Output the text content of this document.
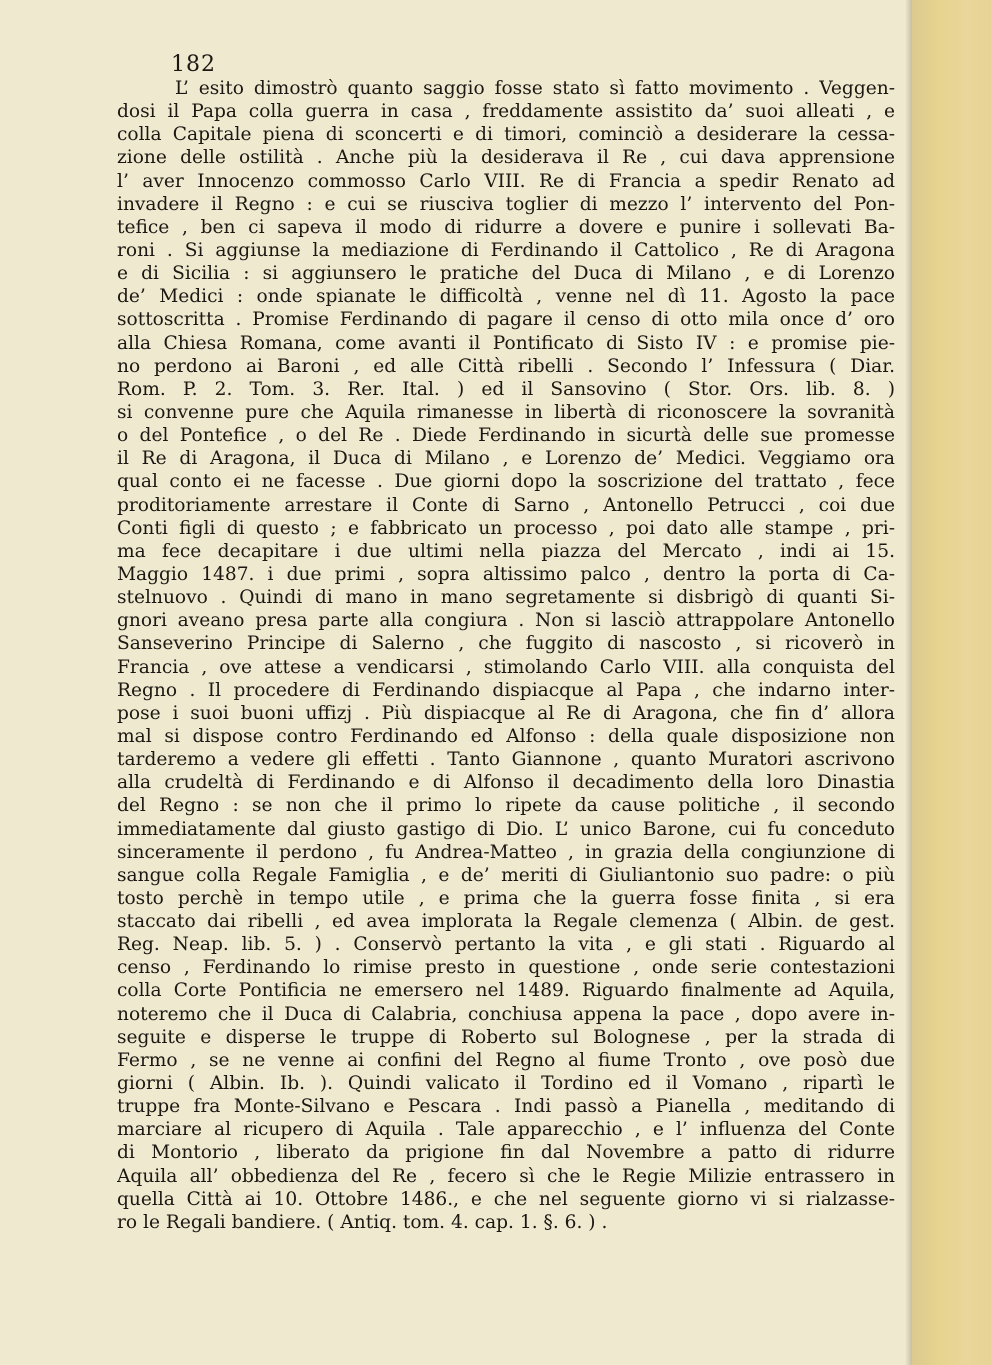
182
L’ esito dimostrò quanto saggio fosse stato sì fatto movimento . Veggen-
dosi il Papa colla guerra in casa , freddamente assistito da’ suoi alleati , e
colla Capitale piena di sconcerti e di timori, cominciò a desiderare la cessa-
zione delle ostilità . Anche più la desiderava il Re , cui dava apprensione
l’ aver Innocenzo commosso Carlo VIII. Re di Francia a spedir Renato ad
invadere il Regno : e cui se riusciva toglier di mezzo l’ intervento del Pon-
tefice , ben ci sapeva il modo di ridurre a dovere e punire i sollevati Ba-
roni . Si aggiunse la mediazione di Ferdinando il Cattolico , Re di Aragona
e di Sicilia : si aggiunsero le pratiche del Duca di Milano , e di Lorenzo
de’ Medici : onde spianate le difficoltà , venne nel dì 11. Agosto la pace
sottoscritta . Promise Ferdinando di pagare il censo di otto mila once d’ oro
alla Chiesa Romana, come avanti il Pontificato di Sisto IV : e promise pie-
no perdono ai Baroni , ed alle Città ribelli . Secondo l’ Infessura ( Diar.
Rom. P. 2. Tom. 3. Rer. Ital. ) ed il Sansovino ( Stor. Ors. lib. 8. )
si convenne pure che Aquila rimanesse in libertà di riconoscere la sovranità
o del Pontefice , o del Re . Diede Ferdinando in sicurtà delle sue promesse
il Re di Aragona, il Duca di Milano , e Lorenzo de’ Medici. Veggiamo ora
qual conto ei ne facesse . Due giorni dopo la soscrizione del trattato , fece
proditoriamente arrestare il Conte di Sarno , Antonello Petrucci , coi due
Conti figli di questo ; e fabbricato un processo , poi dato alle stampe , pri-
ma fece decapitare i due ultimi nella piazza del Mercato , indi ai 15.
Maggio 1487. i due primi , sopra altissimo palco , dentro la porta di Ca-
stelnuovo . Quindi di mano in mano segretamente si disbrigò di quanti Si-
gnori aveano presa parte alla congiura . Non si lasciò attrappolare Antonello
Sanseverino Principe di Salerno , che fuggito di nascosto , si ricoverò in
Francia , ove attese a vendicarsi , stimolando Carlo VIII. alla conquista del
Regno . Il procedere di Ferdinando dispiacque al Papa , che indarno inter-
pose i suoi buoni uffizj . Più dispiacque al Re di Aragona, che fin d’ allora
mal si dispose contro Ferdinando ed Alfonso : della quale disposizione non
tarderemo a vedere gli effetti . Tanto Giannone , quanto Muratori ascrivono
alla crudeltà di Ferdinando e di Alfonso il decadimento della loro Dinastia
del Regno : se non che il primo lo ripete da cause politiche , il secondo
immediatamente dal giusto gastigo di Dio. L’ unico Barone, cui fu conceduto
sinceramente il perdono , fu Andrea-Matteo , in grazia della congiunzione di
sangue colla Regale Famiglia , e de’ meriti di Giuliantonio suo padre: o più
tosto perchè in tempo utile , e prima che la guerra fosse finita , si era
staccato dai ribelli , ed avea implorata la Regale clemenza ( Albin. de gest.
Reg. Neap. lib. 5. ) . Conservò pertanto la vita , e gli stati . Riguardo al
censo , Ferdinando lo rimise presto in questione , onde serie contestazioni
colla Corte Pontificia ne emersero nel 1489. Riguardo finalmente ad Aquila,
noteremo che il Duca di Calabria, conchiusa appena la pace , dopo avere in-
seguite e disperse le truppe di Roberto sul Bolognese , per la strada di
Fermo , se ne venne ai confini del Regno al fiume Tronto , ove posò due
giorni ( Albin. Ib. ). Quindi valicato il Tordino ed il Vomano , ripartì le
truppe fra Monte-Silvano e Pescara . Indi passò a Pianella , meditando di
marciare al ricupero di Aquila . Tale apparecchio , e l’ influenza del Conte
di Montorio , liberato da prigione fin dal Novembre a patto di ridurre
Aquila all’ obbedienza del Re , fecero sì che le Regie Milizie entrassero in
quella Città ai 10. Ottobre 1486., e che nel seguente giorno vi si rialzasse-
ro le Regali bandiere. ( Antiq. tom. 4. cap. 1. §. 6. ) .
